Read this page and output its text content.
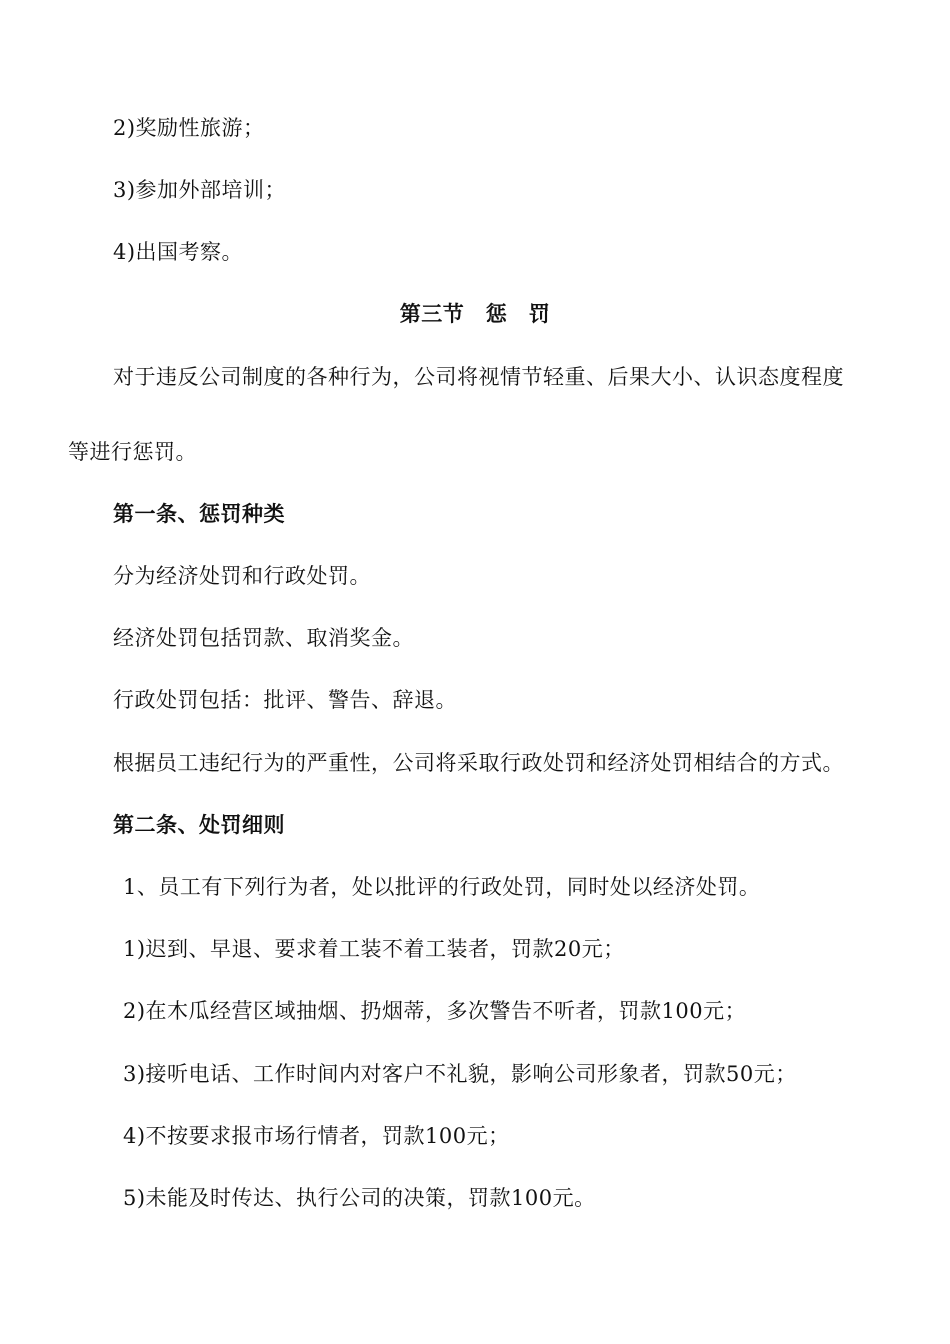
2)奖励性旅游；
3)参加外部培训；
4)出国考察。
第三节　惩　罚
对于违反公司制度的各种行为，公司将视情节轻重、后果大小、认识态度程度
等进行惩罚。
第一条、惩罚种类
分为经济处罚和行政处罚。
经济处罚包括罚款、取消奖金。
行政处罚包括：批评、警告、辞退。
根据员工违纪行为的严重性，公司将采取行政处罚和经济处罚相结合的方式。
第二条、处罚细则
1、员工有下列行为者，处以批评的行政处罚，同时处以经济处罚。
1)迟到、早退、要求着工装不着工装者，罚款20元；
2)在木瓜经营区域抽烟、扔烟蒂，多次警告不听者，罚款100元；
3)接听电话、工作时间内对客户不礼貌，影响公司形象者，罚款50元；
4)不按要求报市场行情者，罚款100元；
5)未能及时传达、执行公司的决策，罚款100元。
